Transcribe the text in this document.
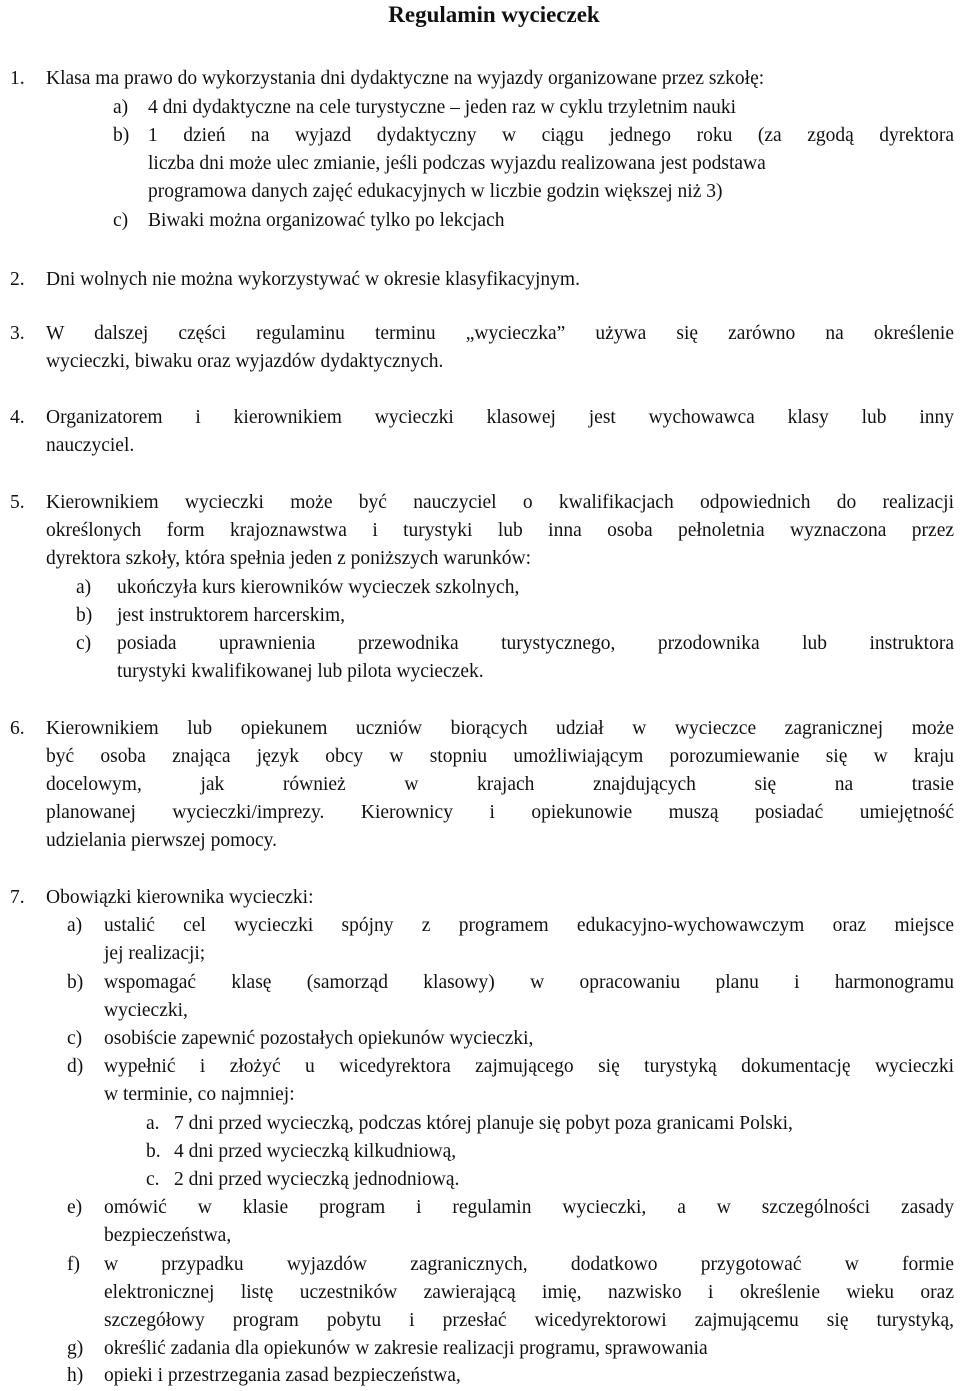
Regulamin wycieczek
1. Klasa ma prawo do wykorzystania dni dydaktyczne na wyjazdy organizowane przez szkołę:
a) 4 dni dydaktyczne na cele turystyczne – jeden raz w cyklu trzyletnim nauki
b) 1 dzień na wyjazd dydaktyczny w ciągu jednego roku (za zgodą dyrektora
liczba dni może ulec zmianie, jeśli podczas wyjazdu realizowana jest podstawa
programowa danych zajęć edukacyjnych w liczbie godzin większej niż 3)
c) Biwaki można organizować tylko po lekcjach
2. Dni wolnych nie można wykorzystywać w okresie klasyfikacyjnym.
3. W dalszej części regulaminu terminu „wycieczka” używa się zarówno na określenie
wycieczki, biwaku oraz wyjazdów dydaktycznych.
4. Organizatorem i kierownikiem wycieczki klasowej jest wychowawca klasy lub inny
nauczyciel.
5. Kierownikiem wycieczki może być nauczyciel o kwalifikacjach odpowiednich do realizacji
określonych form krajoznawstwa i turystyki lub inna osoba pełnoletnia wyznaczona przez
dyrektora szkoły, która spełnia jeden z poniższych warunków:
a) ukończyła kurs kierowników wycieczek szkolnych,
b) jest instruktorem harcerskim,
c) posiada uprawnienia przewodnika turystycznego, przodownika lub instruktora
turystyki kwalifikowanej lub pilota wycieczek.
6. Kierownikiem lub opiekunem uczniów biorących udział w wycieczce zagranicznej może
być osoba znająca język obcy w stopniu umożliwiającym porozumiewanie się w kraju
docelowym, jak również w krajach znajdujących się na trasie
planowanej wycieczki/imprezy. Kierownicy i opiekunowie muszą posiadać umiejętność
udzielania pierwszej pomocy.
7. Obowiązki kierownika wycieczki:
a) ustalić cel wycieczki spójny z programem edukacyjno-wychowawczym oraz miejsce
jej realizacji;
b) wspomagać klasę (samorząd klasowy) w opracowaniu planu i harmonogramu
wycieczki,
c) osobiście zapewnić pozostałych opiekunów wycieczki,
d) wypełnić i złożyć u wicedyrektora zajmującego się turystyką dokumentację wycieczki
w terminie, co najmniej:
a. 7 dni przed wycieczką, podczas której planuje się pobyt poza granicami Polski,
b. 4 dni przed wycieczką kilkudniową,
c. 2 dni przed wycieczką jednodniową.
e) omówić w klasie program i regulamin wycieczki, a w szczególności zasady
bezpieczeństwa,
f) w przypadku wyjazdów zagranicznych, dodatkowo przygotować w formie
elektronicznej listę uczestników zawierającą imię, nazwisko i określenie wieku oraz
szczegółowy program pobytu i przesłać wicedyrektorowi zajmującemu się turystyką,
g) określić zadania dla opiekunów w zakresie realizacji programu, sprawowania
h) opieki i przestrzegania zasad bezpieczeństwa,
